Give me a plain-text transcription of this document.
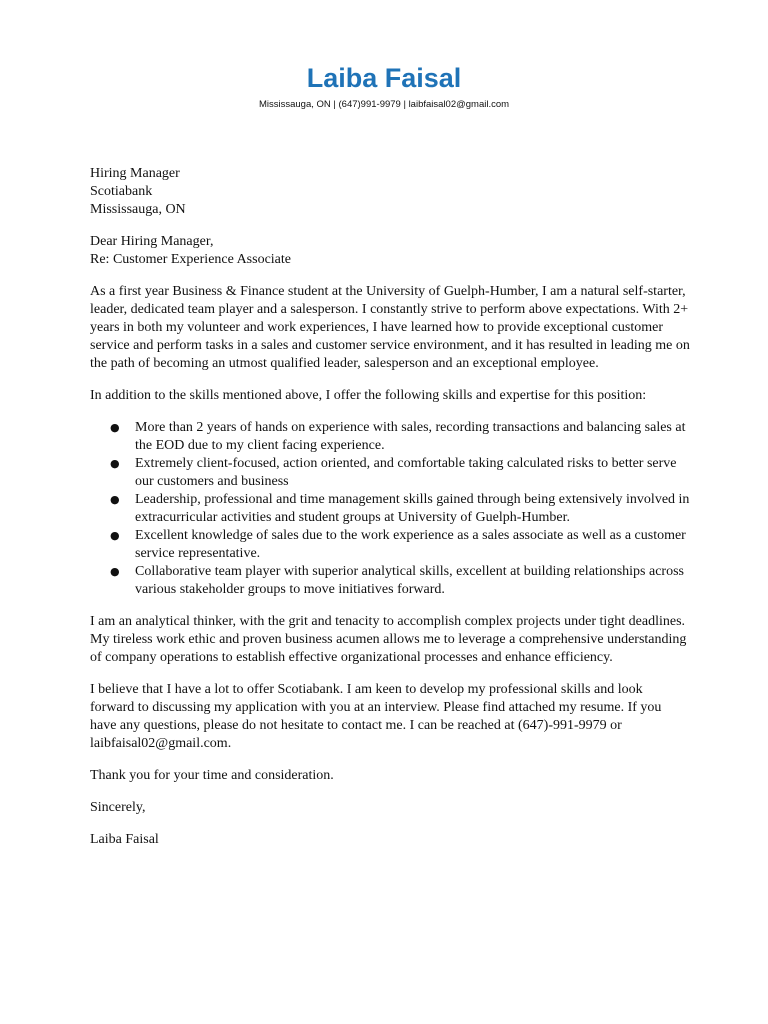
Laiba Faisal
Mississauga, ON | (647)991-9979 | laibfaisal02@gmail.com
Hiring Manager
Scotiabank
Mississauga, ON
Dear Hiring Manager,
Re: Customer Experience Associate

As a first year Business & Finance student at the University of Guelph-Humber, I am a natural self-starter, leader, dedicated team player and a salesperson. I constantly strive to perform above expectations. With 2+ years in both my volunteer and work experiences, I have learned how to provide exceptional customer service and perform tasks in a sales and customer service environment, and it has resulted in leading me on the path of becoming an utmost qualified leader, salesperson and an exceptional employee.

In addition to the skills mentioned above, I offer the following skills and expertise for this position:

● More than 2 years of hands on experience with sales, recording transactions and balancing sales at the EOD due to my client facing experience.
● Extremely client-focused, action oriented, and comfortable taking calculated risks to better serve our customers and business
● Leadership, professional and time management skills gained through being extensively involved in extracurricular activities and student groups at University of Guelph-Humber.
● Excellent knowledge of sales due to the work experience as a sales associate as well as a customer service representative.
● Collaborative team player with superior analytical skills, excellent at building relationships across various stakeholder groups to move initiatives forward.

I am an analytical thinker, with the grit and tenacity to accomplish complex projects under tight deadlines. My tireless work ethic and proven business acumen allows me to leverage a comprehensive understanding of company operations to establish effective organizational processes and enhance efficiency.

I believe that I have a lot to offer Scotiabank. I am keen to develop my professional skills and look forward to discussing my application with you at an interview. Please find attached my resume. If you have any questions, please do not hesitate to contact me. I can be reached at (647)-991-9979 or laibfaisal02@gmail.com.

Thank you for your time and consideration.

Sincerely,

Laiba Faisal
